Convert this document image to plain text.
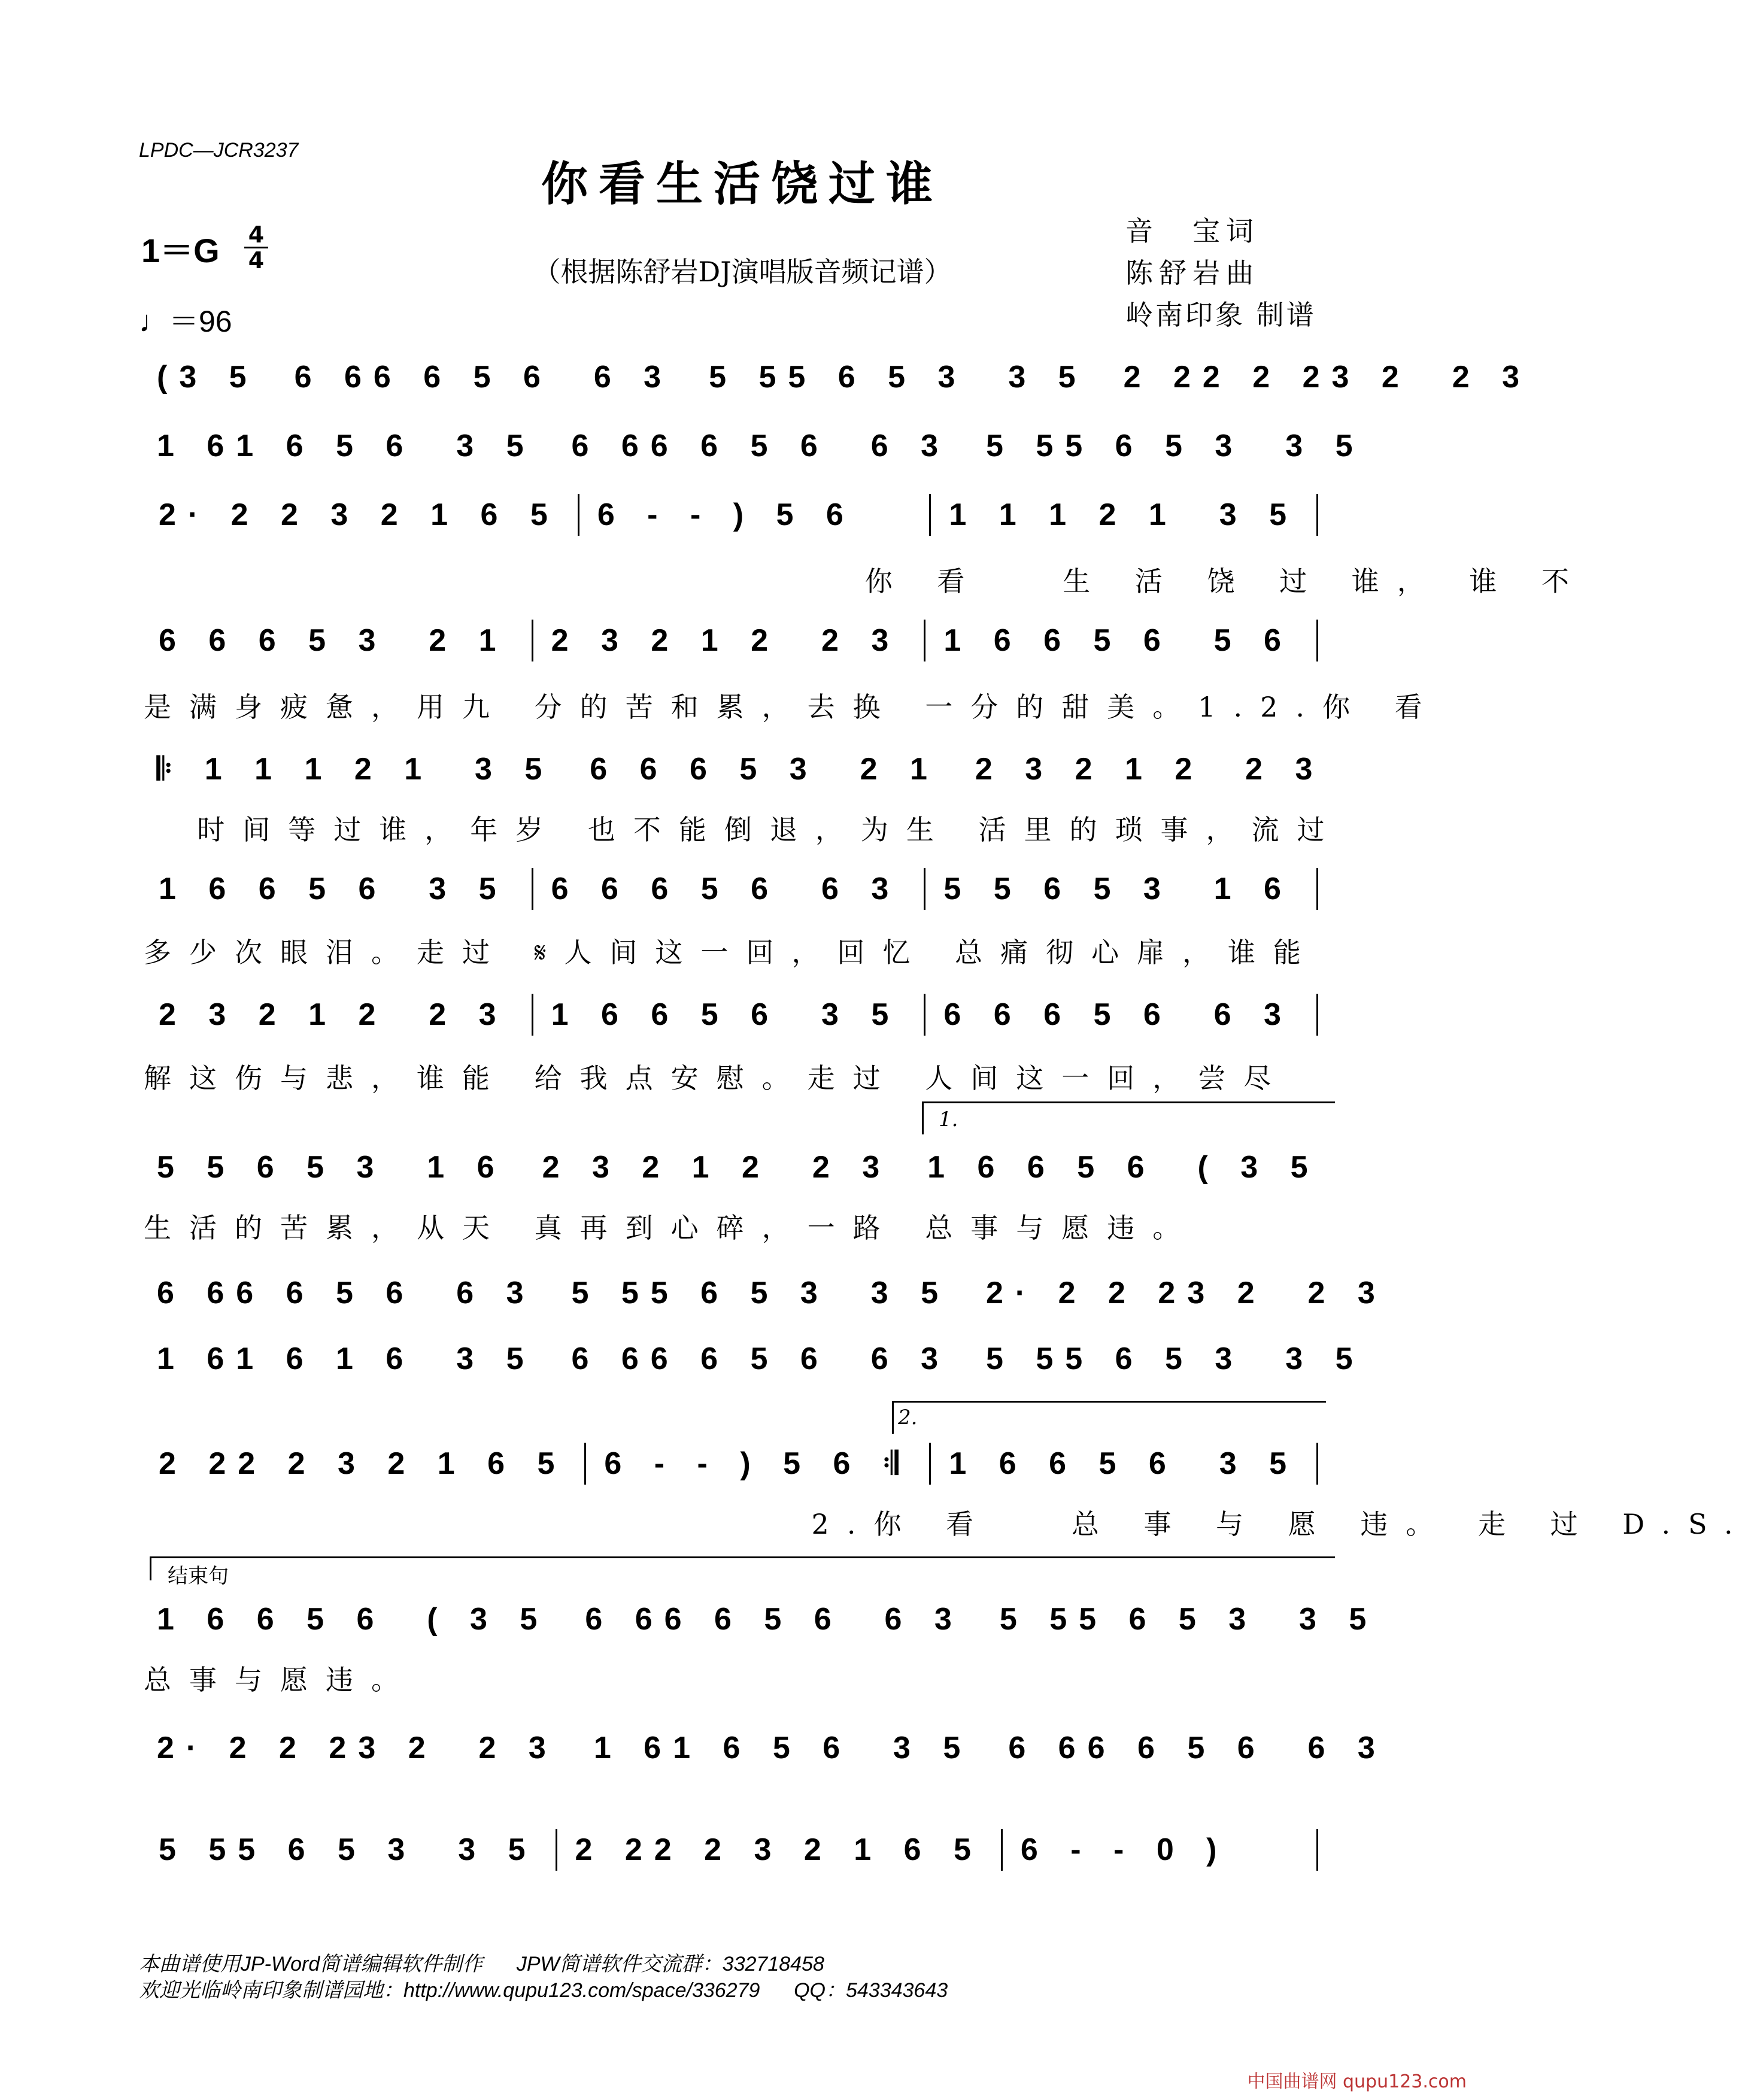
LPDC—JCR3237
你看生活饶过谁
（根据陈舒岩DJ演唱版音频记谱）
1＝G 4
4
♩＝96
音　宝词
陈舒岩曲
岭南印象 制谱
(3 5 6 66 6 5 6  6 3 5 55 6 5 3  3 5 2 22 2 23 2  2 3
1 61 6 5 6  3 5 6 66 6 5 6  6 3 5 55 6 5 3  3 5
2· 2 2 3 2 1 6 5 6 - - ) 5 6	1 1 1 2 1  3 5
你 看   生 活 饶 过 谁， 谁 不
6 6 6 5 3  2 1 2 3 2 1 2  2 3 1 6 6 5 6  5 6
是满身疲惫，用九 分的苦和累，去换 一分的甜美。1.2.你 看
𝄆 1 1 1 2 1  3 5 6 6 6 5 3  2 1 2 3 2 1 2  2 3
时间等过谁，年岁 也不能倒退，为生 活里的琐事，流过
1 6 6 5 6  3 5 6 6 6 5 6  6 3 5 5 6 5 3  1 6
多少次眼泪。走过 𝄋人间这一回，回忆 总痛彻心扉，谁能
2 3 2 1 2  2 3 1 6 6 5 6  3 5 6 6 6 5 6  6 3
解这伤与悲，谁能 给我点安慰。走过 人间这一回，尝尽
5 5 6 5 3  1 6 2 3 2 1 2  2 3 1 6 6 5 6  ( 3 5
生活的苦累，从天 真再到心碎，一路 总事与愿违。
6 66 6 5 6  6 3 5 55 6 5 3  3 5 2· 2 2 23 2  2 3
1 61 6 1 6  3 5 6 66 6 5 6  6 3 5 55 6 5 3  3 5
2 22 2 3 2 1 6 5 6 - - ) 5 6 𝄇 1 6 6 5 6  3 5
2.你 看   总 事 与 愿 违。 走 过 D.S.
1 6 6 5 6  ( 3 5 6 66 6 5 6  6 3 5 55 6 5 3  3 5
总事与愿违。
2· 2 2 23 2  2 3 1 61 6 5 6  3 5 6 66 6 5 6  6 3
5 55 6 5 3  3 5 2 22 2 3 2 1 6 5 6 - - 0 )
1.
2.
结束句
本曲谱使用JP-Word简谱编辑软件制作      JPW简谱软件交流群：332718458
欢迎光临岭南印象制谱园地：http://www.qupu123.com/space/336279      QQ：543343643
中国曲谱网 qupu123.com
